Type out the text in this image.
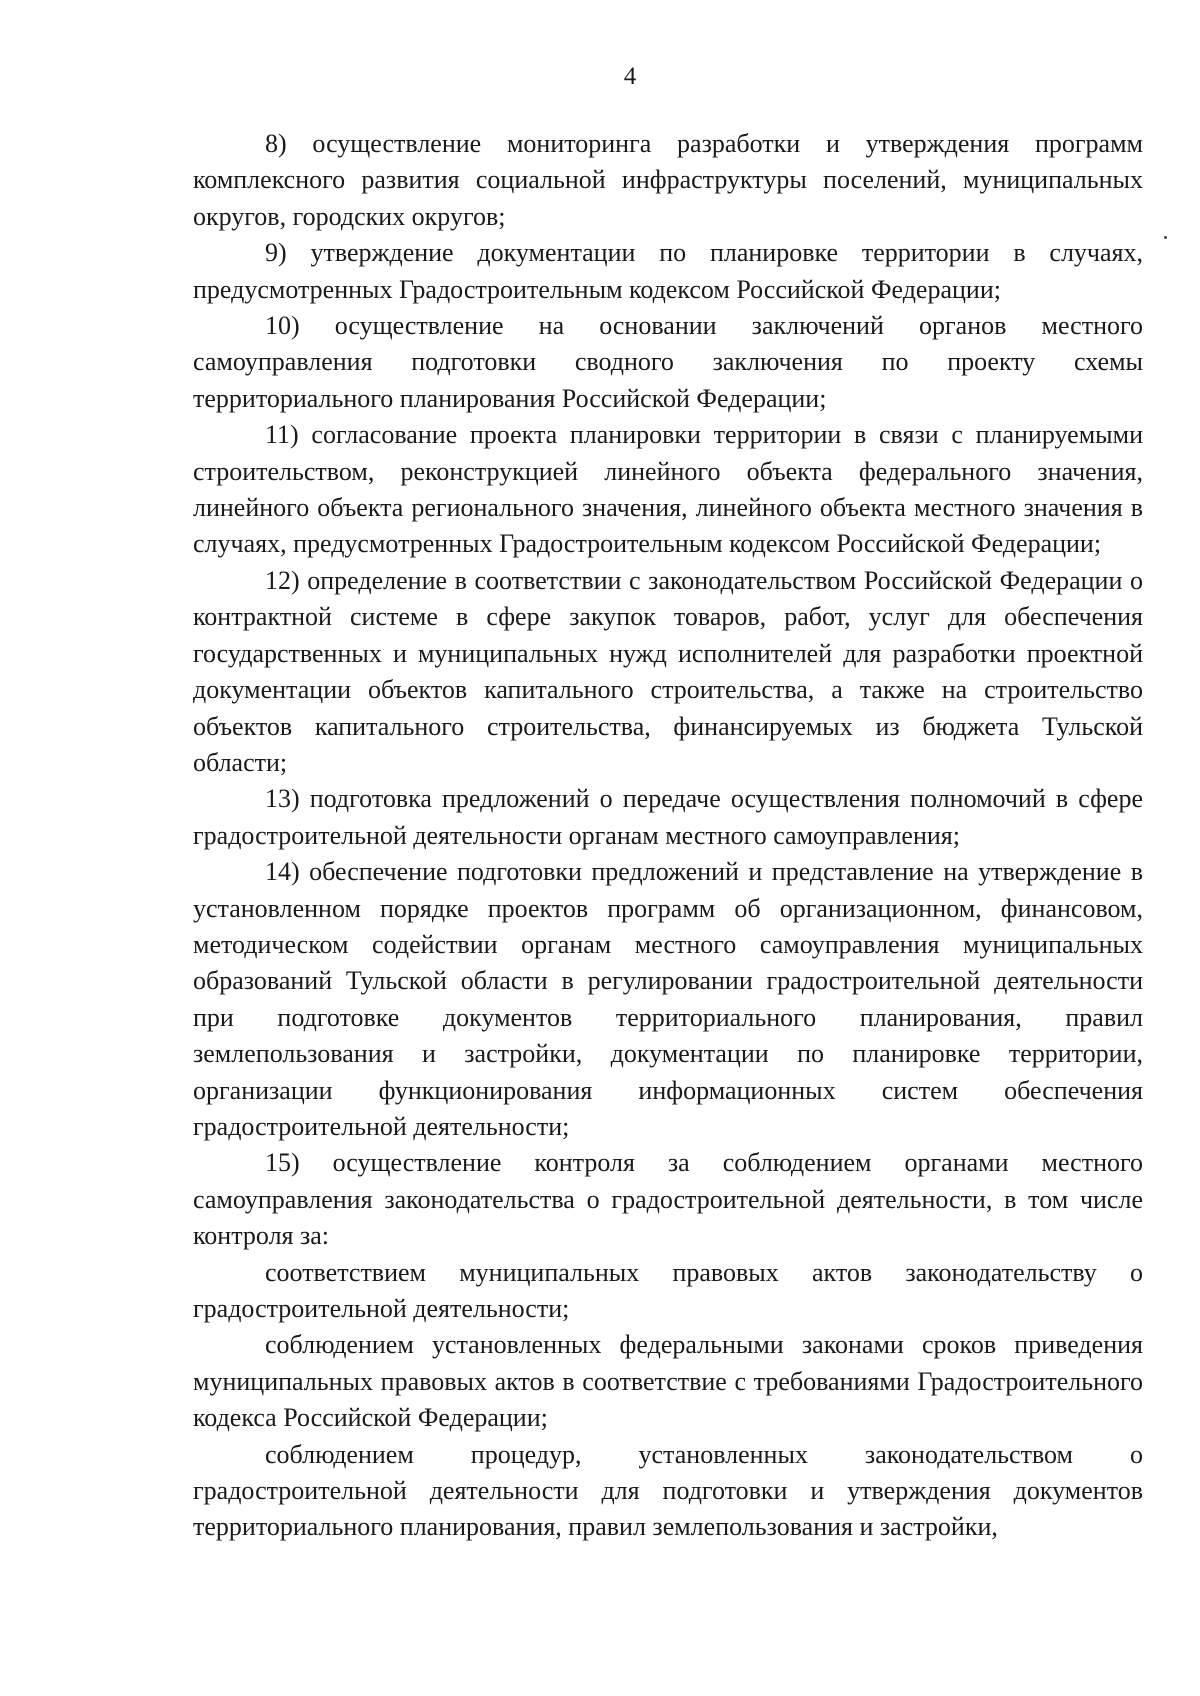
4

8) осуществление мониторинга разработки и утверждения программ комплексного развития социальной инфраструктуры поселений, муниципальных округов, городских округов;

9) утверждение документации по планировке территории в случаях, предусмотренных Градостроительным кодексом Российской Федерации;

10) осуществление на основании заключений органов местного самоуправления подготовки сводного заключения по проекту схемы территориального планирования Российской Федерации;

11) согласование проекта планировки территории в связи с планируемыми строительством, реконструкцией линейного объекта федерального значения, линейного объекта регионального значения, линейного объекта местного значения в случаях, предусмотренных Градостроительным кодексом Российской Федерации;

12) определение в соответствии с законодательством Российской Федерации о контрактной системе в сфере закупок товаров, работ, услуг для обеспечения государственных и муниципальных нужд исполнителей для разработки проектной документации объектов капитального строительства, а также на строительство объектов капитального строительства, финансируемых из бюджета Тульской области;

13) подготовка предложений о передаче осуществления полномочий в сфере градостроительной деятельности органам местного самоуправления;

14) обеспечение подготовки предложений и представление на утверждение в установленном порядке проектов программ об организационном, финансовом, методическом содействии органам местного самоуправления муниципальных образований Тульской области в регулировании градостроительной деятельности при подготовке документов территориального планирования, правил землепользования и застройки, документации по планировке территории, организации функционирования информационных систем обеспечения градостроительной деятельности;

15) осуществление контроля за соблюдением органами местного самоуправления законодательства о градостроительной деятельности, в том числе контроля за:

соответствием муниципальных правовых актов законодательству о градостроительной деятельности;

соблюдением установленных федеральными законами сроков приведения муниципальных правовых актов в соответствие с требованиями Градостроительного кодекса Российской Федерации;

соблюдением процедур, установленных законодательством о градостроительной деятельности для подготовки и утверждения документов территориального планирования, правил землепользования и застройки,
